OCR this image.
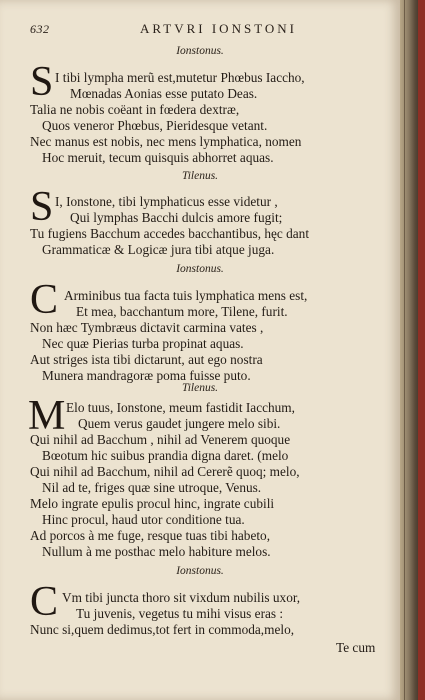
632	ARTVRI IONSTONI
Ionstonus.
S I tibi lympha merũ est,mutetur Phœbus Iaccho,
Mœnadas Aonias esse putato Deas.
Talia ne nobis coëant in fœdera dextræ,
Quos veneror Phœbus, Pieridesque vetant.
Nec manus est nobis, nec mens lymphatica, nomen
Hoc meruit, tecum quisquis abhorret aquas.
Tilenus.
S I, Ionstone, tibi lymphaticus esse videtur ,
Qui lymphas Bacchi dulcis amore fugit;
Tu fugiens Bacchum accedes bacchantibus, hęc dant
Grammaticæ & Logicæ jura tibi atque juga.
Ionstonus.
C Arminibus tua facta tuis lymphatica mens est,
Et mea, bacchantum more, Tilene, furit.
Non hæc Tymbræus dictavit carmina vates ,
Nec quæ Pierias turba propinat aquas.
Aut striges ista tibi dictarunt, aut ego nostra
Munera mandragoræ poma fuisse puto.
Tilenus.
M Elo tuus, Ionstone, meum fastidit Iacchum,
Quem verus gaudet jungere melo sibi.
Qui nihil ad Bacchum , nihil ad Venerem quoque
Bœotum hic suibus prandia digna daret. (melo
Qui nihil ad Bacchum, nihil ad Cererẽ quoq; melo,
Nil ad te, friges quæ sine utroque, Venus.
Melo ingrate epulis procul hinc, ingrate cubili
Hinc procul, haud utor conditione tua.
Ad porcos à me fuge, resque tuas tibi habeto,
Nullum à me posthac melo habiture melos.
Ionstonus.
C Vm tibi juncta thoro sit vixdum nubilis uxor,
Tu juvenis, vegetus tu mihi visus eras :
Nunc si,quem dedimus,tot fert in commoda,melo,
Te cum
